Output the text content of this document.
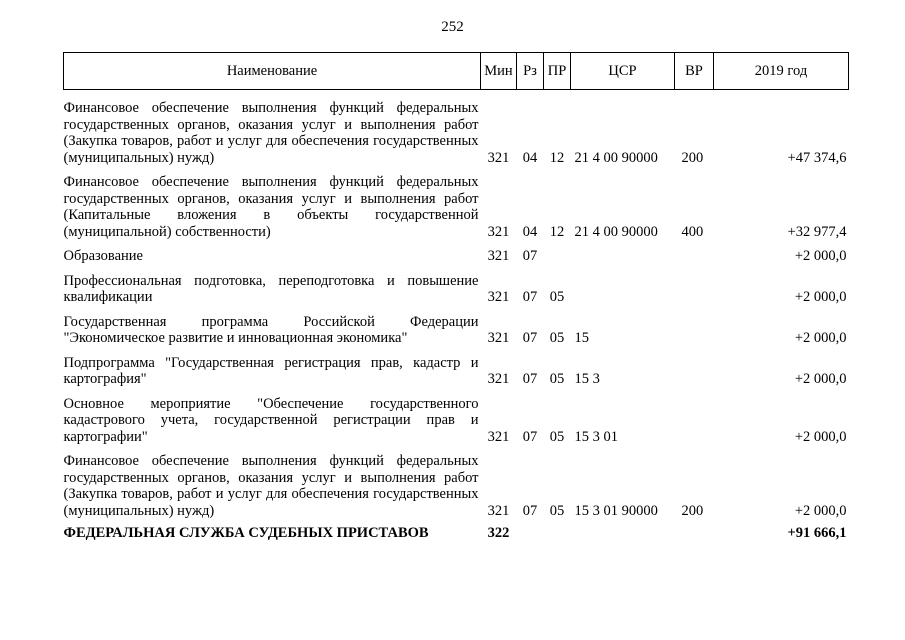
252
Наименование	Мин	Рз	ПР	ЦСР	ВР	2019 год

Финансовое обеспечение выполнения функций федеральных государственных органов, оказания услуг и выполнения работ (Закупка товаров, работ и услуг для обеспечения государственных (муниципальных) нужд)	321	04	12	21 4 00 90000	200	+47 374,6

Финансовое обеспечение выполнения функций федеральных государственных органов, оказания услуг и выполнения работ (Капитальные вложения в объекты государственной (муниципальной) собственности)	321	04	12	21 4 00 90000	400	+32 977,4

Образование	321	07				+2 000,0

Профессиональная подготовка, переподготовка и повышение квалификации	321	07	05			+2 000,0

Государственная программа Российской Федерации "Экономическое развитие и инновационная экономика"	321	07	05	15		+2 000,0

Подпрограмма "Государственная регистрация прав, кадастр и картография"	321	07	05	15 3		+2 000,0

Основное мероприятие "Обеспечение государственного кадастрового учета, государственной регистрации прав и картографии"	321	07	05	15 3 01		+2 000,0

Финансовое обеспечение выполнения функций федеральных государственных органов, оказания услуг и выполнения работ (Закупка товаров, работ и услуг для обеспечения государственных (муниципальных) нужд)	321	07	05	15 3 01 90000	200	+2 000,0

ФЕДЕРАЛЬНАЯ СЛУЖБА СУДЕБНЫХ ПРИСТАВОВ	322					+91 666,1
